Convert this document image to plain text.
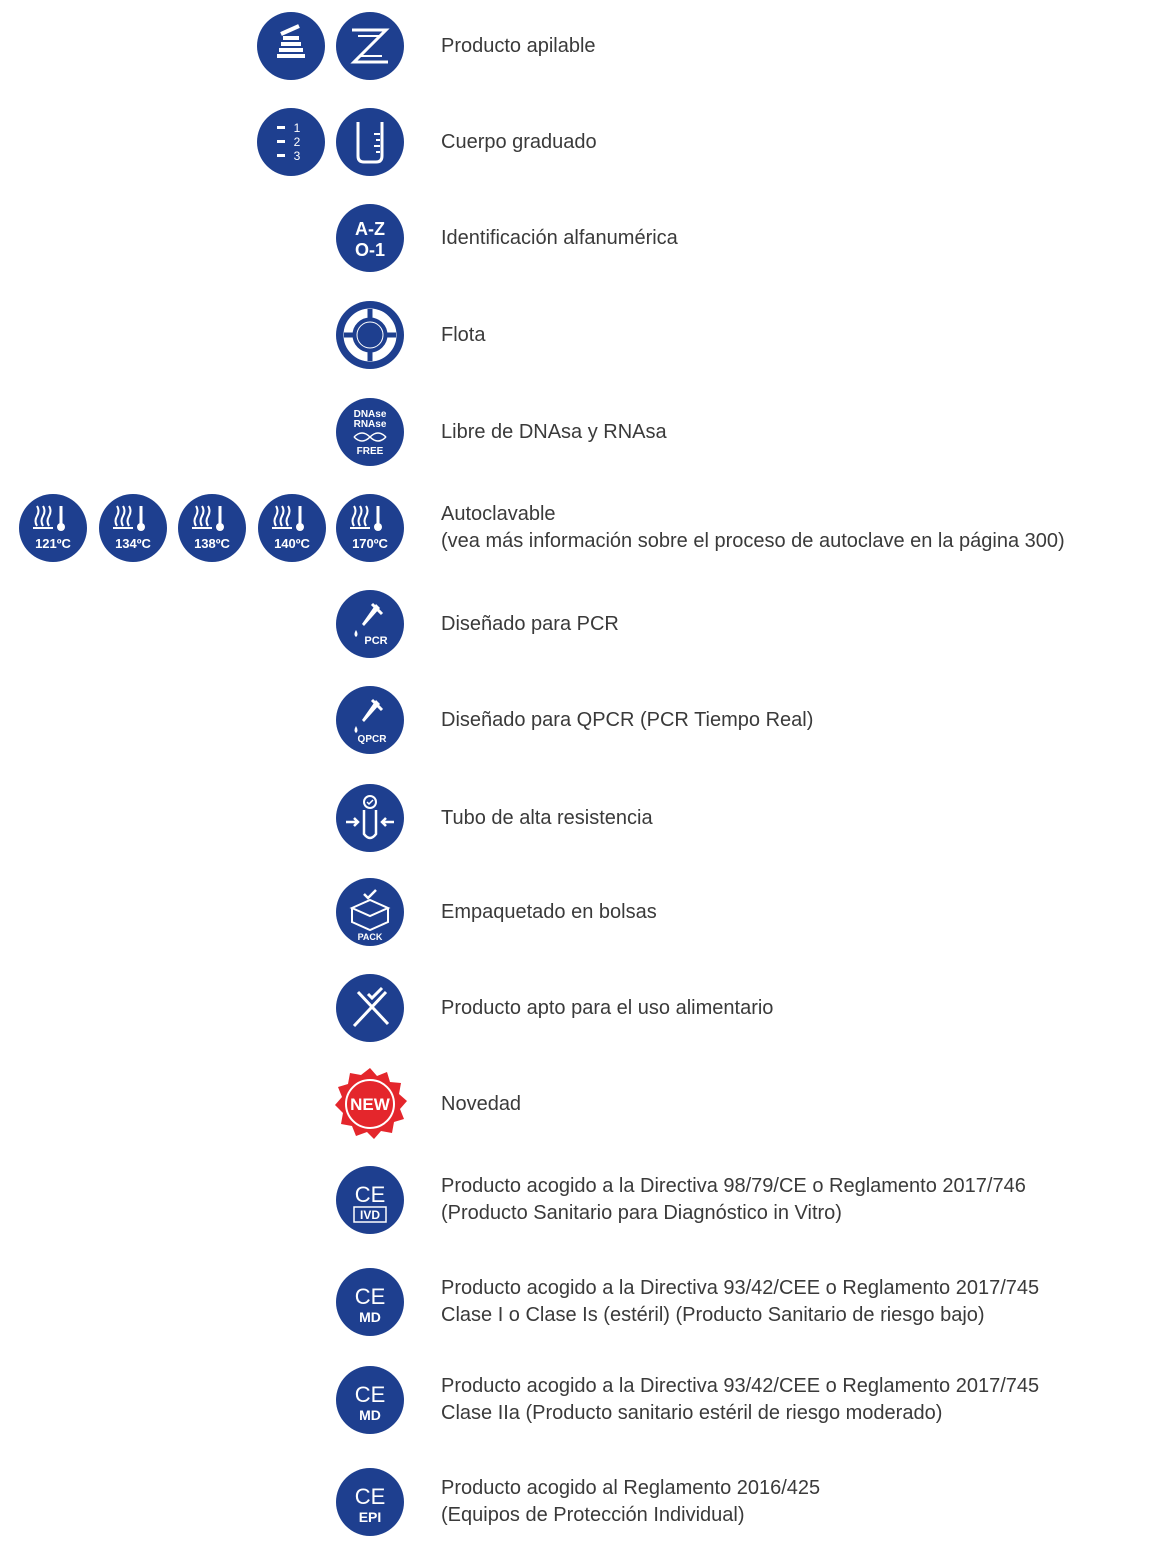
Producto apilable
1
2
3
Cuerpo graduado
A-Z
O-1
Identificación alfanumérica
Flota
DNAse
RNAse
FREE
Libre de DNAsa y RNAsa
121ºC	134ºC	138ºC	140ºC	170ºC
Autoclavable
(vea más información sobre el proceso de autoclave en la página 300)
PCR
Diseñado para PCR
QPCR
Diseñado para QPCR (PCR Tiempo Real)
Tubo de alta resistencia
PACK
Empaquetado en bolsas
Producto apto para el uso alimentario
NEW	Novedad
CE
IVD
Producto acogido a la Directiva 98/79/CE o Reglamento 2017/746
(Producto Sanitario para Diagnóstico in Vitro)
CE
MD
Producto acogido a la Directiva 93/42/CEE o Reglamento 2017/745
Clase I o Clase Is (estéril) (Producto Sanitario de riesgo bajo)
CE
MD
Producto acogido a la Directiva 93/42/CEE o Reglamento 2017/745
Clase IIa (Producto sanitario estéril de riesgo moderado)
CE
EPI
Producto acogido al Reglamento 2016/425
(Equipos de Protección Individual)
